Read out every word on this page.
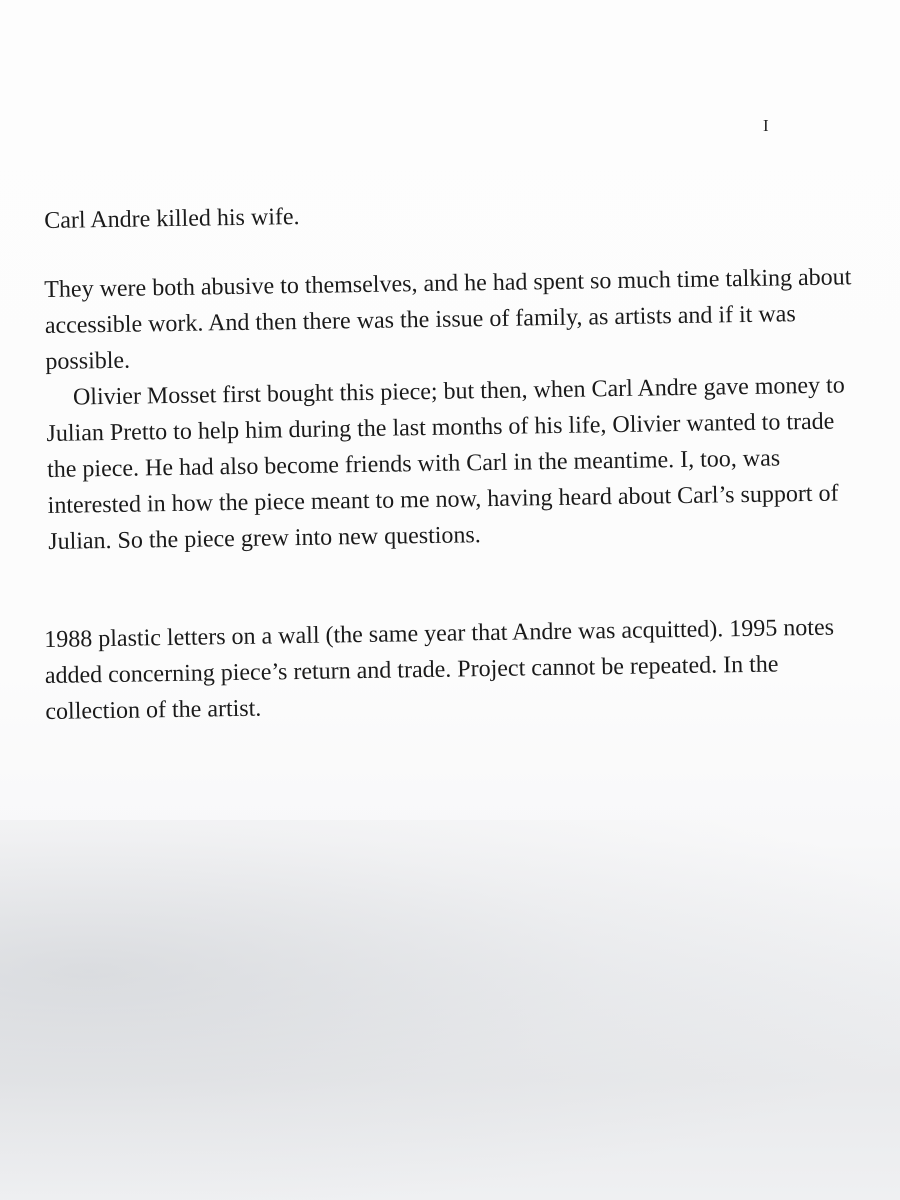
I

Carl Andre killed his wife.

They were both abusive to themselves, and he had spent so much time talking about accessible work. And then there was the issue of family, as artists and if it was possible.

Olivier Mosset first bought this piece; but then, when Carl Andre gave money to Julian Pretto to help him during the last months of his life, Olivier wanted to trade the piece. He had also become friends with Carl in the meantime. I, too, was interested in how the piece meant to me now, having heard about Carl’s support of Julian. So the piece grew into new questions.

1988 plastic letters on a wall (the same year that Andre was acquitted). 1995 notes added concerning piece’s return and trade. Project cannot be repeated. In the collection of the artist.
